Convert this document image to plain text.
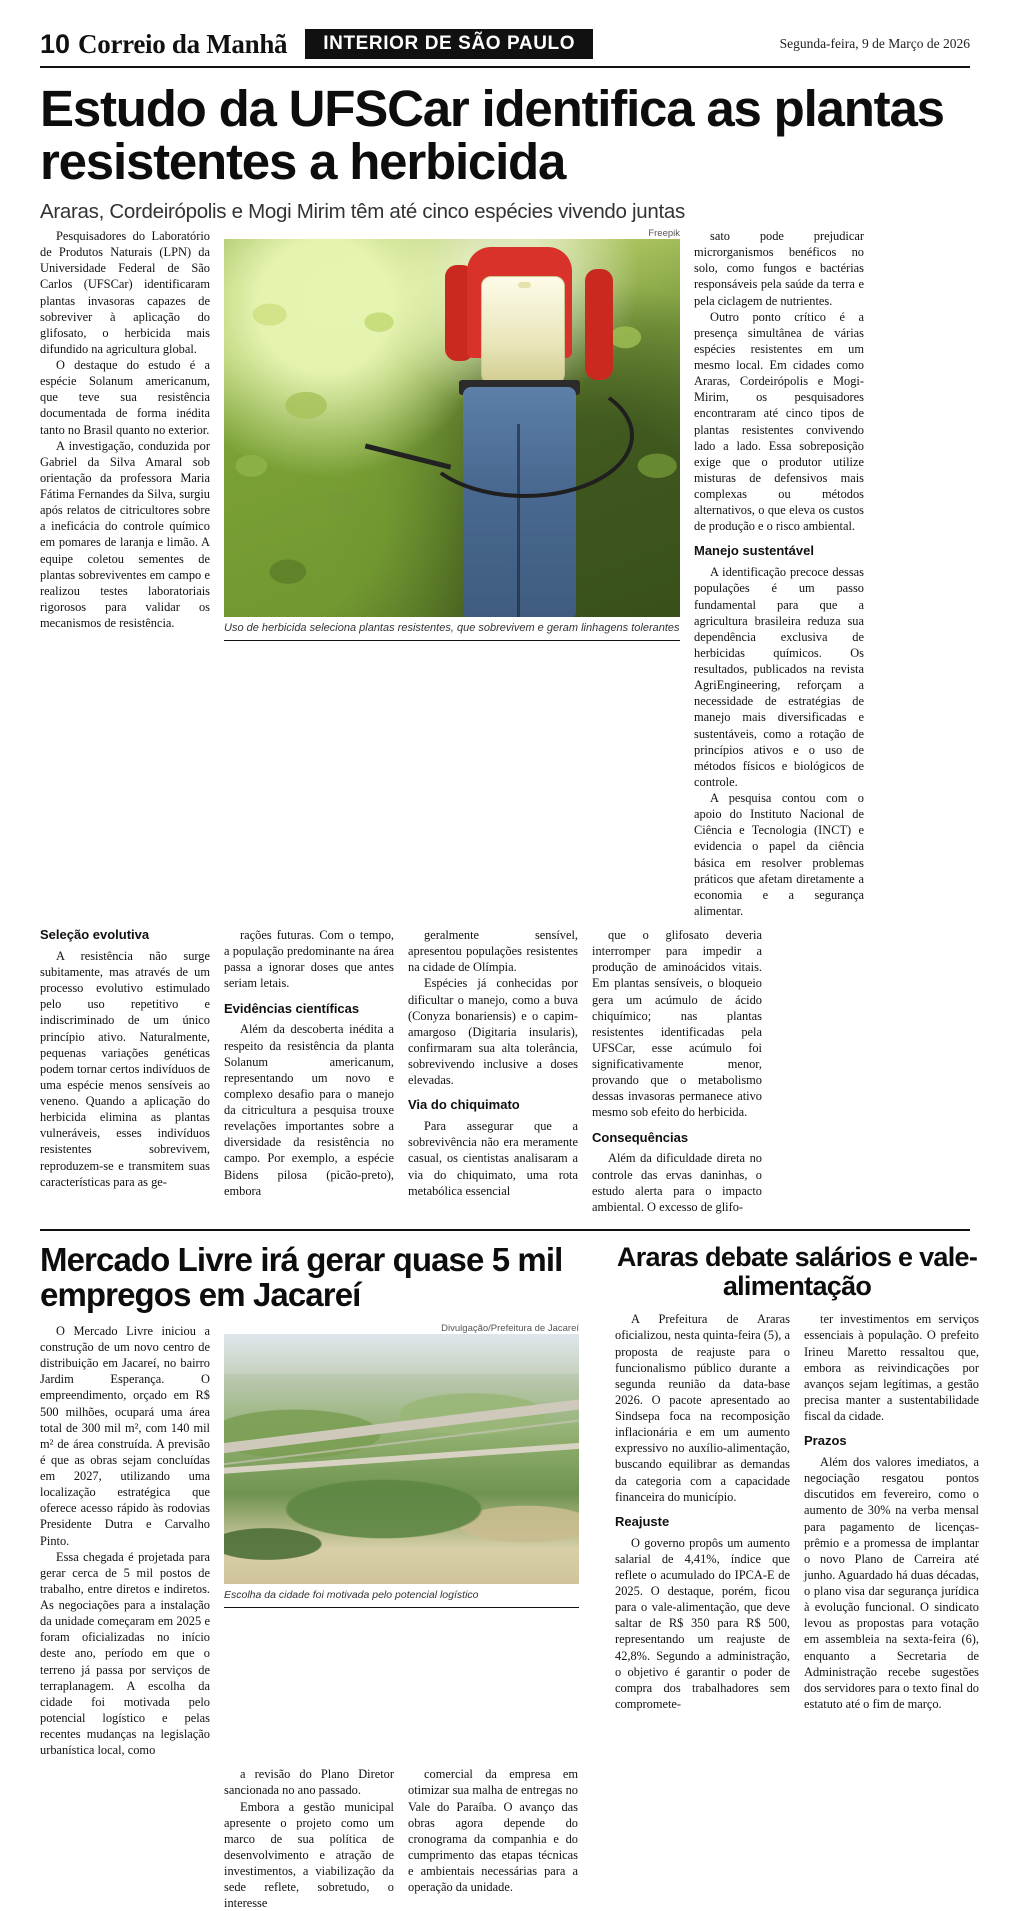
10 Correio da Manhã	INTERIOR DE SÃO PAULO	Segunda-feira, 9 de Março de 2026
Estudo da UFSCar identifica as plantas resistentes a herbicida
Araras, Cordeirópolis e Mogi Mirim têm até cinco espécies vivendo juntas

Pesquisadores do Laboratório de Produtos Naturais (LPN) da Universidade Federal de São Carlos (UFSCar) identificaram plantas invasoras capazes de sobreviver à aplicação do glifosato, o herbicida mais difundido na agricultura global.

O destaque do estudo é a espécie Solanum americanum, que teve sua resistência documentada de forma inédita tanto no Brasil quanto no exterior.

A investigação, conduzida por Gabriel da Silva Amaral sob orientação da professora Maria Fátima Fernandes da Silva, surgiu após relatos de citricultores sobre a ineficácia do controle químico em pomares de laranja e limão. A equipe coletou sementes de plantas sobreviventes em campo e realizou testes laboratoriais rigorosos para validar os mecanismos de resistência.

Freepik
Uso de herbicida seleciona plantas resistentes, que sobrevivem e geram linhagens tolerantes

sato pode prejudicar microrganismos benéficos no solo, como fungos e bactérias responsáveis pela saúde da terra e pela ciclagem de nutrientes.

Outro ponto crítico é a presença simultânea de várias espécies resistentes em um mesmo local. Em cidades como Araras, Cordeirópolis e Mogi-Mirim, os pesquisadores encontraram até cinco tipos de plantas resistentes convivendo lado a lado. Essa sobreposição exige que o produtor utilize misturas de defensivos mais complexas ou métodos alternativos, o que eleva os custos de produção e o risco ambiental.

Manejo sustentável

A identificação precoce dessas populações é um passo fundamental para que a agricultura brasileira reduza sua dependência exclusiva de herbicidas químicos. Os resultados, publicados na revista AgriEngineering, reforçam a necessidade de estratégias de manejo mais diversificadas e sustentáveis, como a rotação de princípios ativos e o uso de métodos físicos e biológicos de controle.

A pesquisa contou com o apoio do Instituto Nacional de Ciência e Tecnologia (INCT) e evidencia o papel da ciência básica em resolver problemas práticos que afetam diretamente a economia e a segurança alimentar.

Seleção evolutiva

A resistência não surge subitamente, mas através de um processo evolutivo estimulado pelo uso repetitivo e indiscriminado de um único princípio ativo. Naturalmente, pequenas variações genéticas podem tornar certos indivíduos de uma espécie menos sensíveis ao veneno. Quando a aplicação do herbicida elimina as plantas vulneráveis, esses indivíduos resistentes sobrevivem, reproduzem-se e transmitem suas características para as ge-

rações futuras. Com o tempo, a população predominante na área passa a ignorar doses que antes seriam letais.

Evidências científicas

Além da descoberta inédita a respeito da resistência da planta Solanum americanum, representando um novo e complexo desafio para o manejo da citricultura a pesquisa trouxe revelações importantes sobre a diversidade da resistência no campo. Por exemplo, a espécie Bidens pilosa (picão-preto), embora

geralmente sensível, apresentou populações resistentes na cidade de Olímpia.

Espécies já conhecidas por dificultar o manejo, como a buva (Conyza bonariensis) e o capim-amargoso (Digitaria insularis), confirmaram sua alta tolerância, sobrevivendo inclusive a doses elevadas.

Via do chiquimato

Para assegurar que a sobrevivência não era meramente casual, os cientistas analisaram a via do chiquimato, uma rota metabólica essencial

que o glifosato deveria interromper para impedir a produção de aminoácidos vitais. Em plantas sensíveis, o bloqueio gera um acúmulo de ácido chiquímico; nas plantas resistentes identificadas pela UFSCar, esse acúmulo foi significativamente menor, provando que o metabolismo dessas invasoras permanece ativo mesmo sob efeito do herbicida.

Consequências

Além da dificuldade direta no controle das ervas daninhas, o estudo alerta para o impacto ambiental. O excesso de glifo-

Mercado Livre irá gerar quase 5 mil empregos em Jacareí

O Mercado Livre iniciou a construção de um novo centro de distribuição em Jacareí, no bairro Jardim Esperança. O empreendimento, orçado em R$ 500 milhões, ocupará uma área total de 300 mil m², com 140 mil m² de área construída. A previsão é que as obras sejam concluídas em 2027, utilizando uma localização estratégica que oferece acesso rápido às rodovias Presidente Dutra e Carvalho Pinto.

Essa chegada é projetada para gerar cerca de 5 mil postos de trabalho, entre diretos e indiretos. As negociações para a instalação da unidade começaram em 2025 e foram oficializadas no início deste ano, período em que o terreno já passa por serviços de terraplanagem. A escolha da cidade foi motivada pelo potencial logístico e pelas recentes mudanças na legislação urbanística local, como

Divulgação/Prefeitura de Jacareí
Escolha da cidade foi motivada pelo potencial logístico

a revisão do Plano Diretor sancionada no ano passado.

Embora a gestão municipal apresente o projeto como um marco de sua política de desenvolvimento e atração de investimentos, a viabilização da sede reflete, sobretudo, o interesse

comercial da empresa em otimizar sua malha de entregas no Vale do Paraíba. O avanço das obras agora depende do cronograma da companhia e do cumprimento das etapas técnicas e ambientais necessárias para a operação da unidade.

Araras debate salários e vale-alimentação

A Prefeitura de Araras oficializou, nesta quinta-feira (5), a proposta de reajuste para o funcionalismo público durante a segunda reunião da data-base 2026. O pacote apresentado ao Sindsepa foca na recomposição inflacionária e em um aumento expressivo no auxílio-alimentação, buscando equilibrar as demandas da categoria com a capacidade financeira do município.

Reajuste

O governo propôs um aumento salarial de 4,41%, índice que reflete o acumulado do IPCA-E de 2025. O destaque, porém, ficou para o vale-alimentação, que deve saltar de R$ 350 para R$ 500, representando um reajuste de 42,8%. Segundo a administração, o objetivo é garantir o poder de compra dos trabalhadores sem compromete-

ter investimentos em serviços essenciais à população. O prefeito Irineu Maretto ressaltou que, embora as reivindicações por avanços sejam legítimas, a gestão precisa manter a sustentabilidade fiscal da cidade.

Prazos

Além dos valores imediatos, a negociação resgatou pontos discutidos em fevereiro, como o aumento de 30% na verba mensal para pagamento de licenças-prêmio e a promessa de implantar o novo Plano de Carreira até junho. Aguardado há duas décadas, o plano visa dar segurança jurídica à evolução funcional. O sindicato levou as propostas para votação em assembleia na sexta-feira (6), enquanto a Secretaria de Administração recebe sugestões dos servidores para o texto final do estatuto até o fim de março.
